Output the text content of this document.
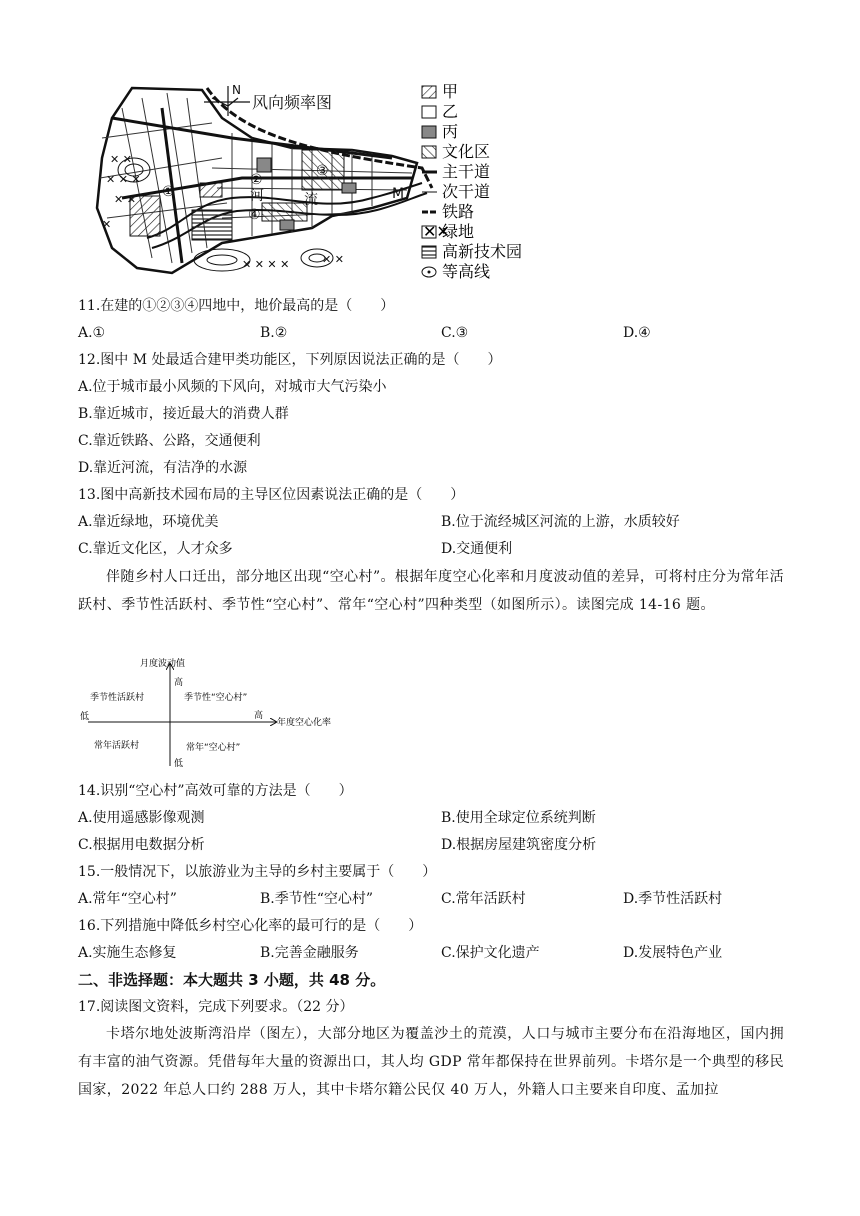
✕ ✕
✕ ✕ ✕
✕ ✕
✕
✕ ✕ ✕ ✕	✕ ✕
N
风向频率图
河	流
①
②
③
④
M
甲
乙
丙
文化区
主干道
次干道
铁路
✕✕
绿地
高新技术园
等高线
11.在建的①②③④四地中，地价最高的是（　　）
A.①	B.②	C.③	D.④
12.图中 M 处最适合建甲类功能区，下列原因说法正确的是（　　）
A.位于城市最小风频的下风向，对城市大气污染小
B.靠近城市，接近最大的消费人群
C.靠近铁路、公路，交通便利
D.靠近河流，有洁净的水源
13.图中高新技术园布局的主导区位因素说法正确的是（　　）
A.靠近绿地，环境优美	B.位于流经城区河流的上游，水质较好
C.靠近文化区，人才众多	D.交通便利
伴随乡村人口迁出，部分地区出现“空心村”。根据年度空心化率和月度波动值的差异，可将村庄分为常年活跃村、季节性活跃村、季节性“空心村”、常年“空心村”四种类型（如图所示）。读图完成 14-16 题。
月度波动值
年度空心化率
高
低
高
低
季节性活跃村	季节性“空心村”
常年活跃村	常年“空心村”
14.识别“空心村”高效可靠的方法是（　　）
A.使用遥感影像观测	B.使用全球定位系统判断
C.根据用电数据分析	D.根据房屋建筑密度分析
15.一般情况下，以旅游业为主导的乡村主要属于（　　）
A.常年“空心村”	B.季节性“空心村”	C.常年活跃村	D.季节性活跃村
16.下列措施中降低乡村空心化率的最可行的是（　　）
A.实施生态修复	B.完善金融服务	C.保护文化遗产	D.发展特色产业
二、非选择题：本大题共 3 小题，共 48 分。
17.阅读图文资料，完成下列要求。（22 分）
卡塔尔地处波斯湾沿岸（图左），大部分地区为覆盖沙土的荒漠，人口与城市主要分布在沿海地区，国内拥有丰富的油气资源。凭借每年大量的资源出口，其人均 GDP 常年都保持在世界前列。卡塔尔是一个典型的移民国家，2022 年总人口约 288 万人，其中卡塔尔籍公民仅 40 万人，外籍人口主要来自印度、孟加拉
